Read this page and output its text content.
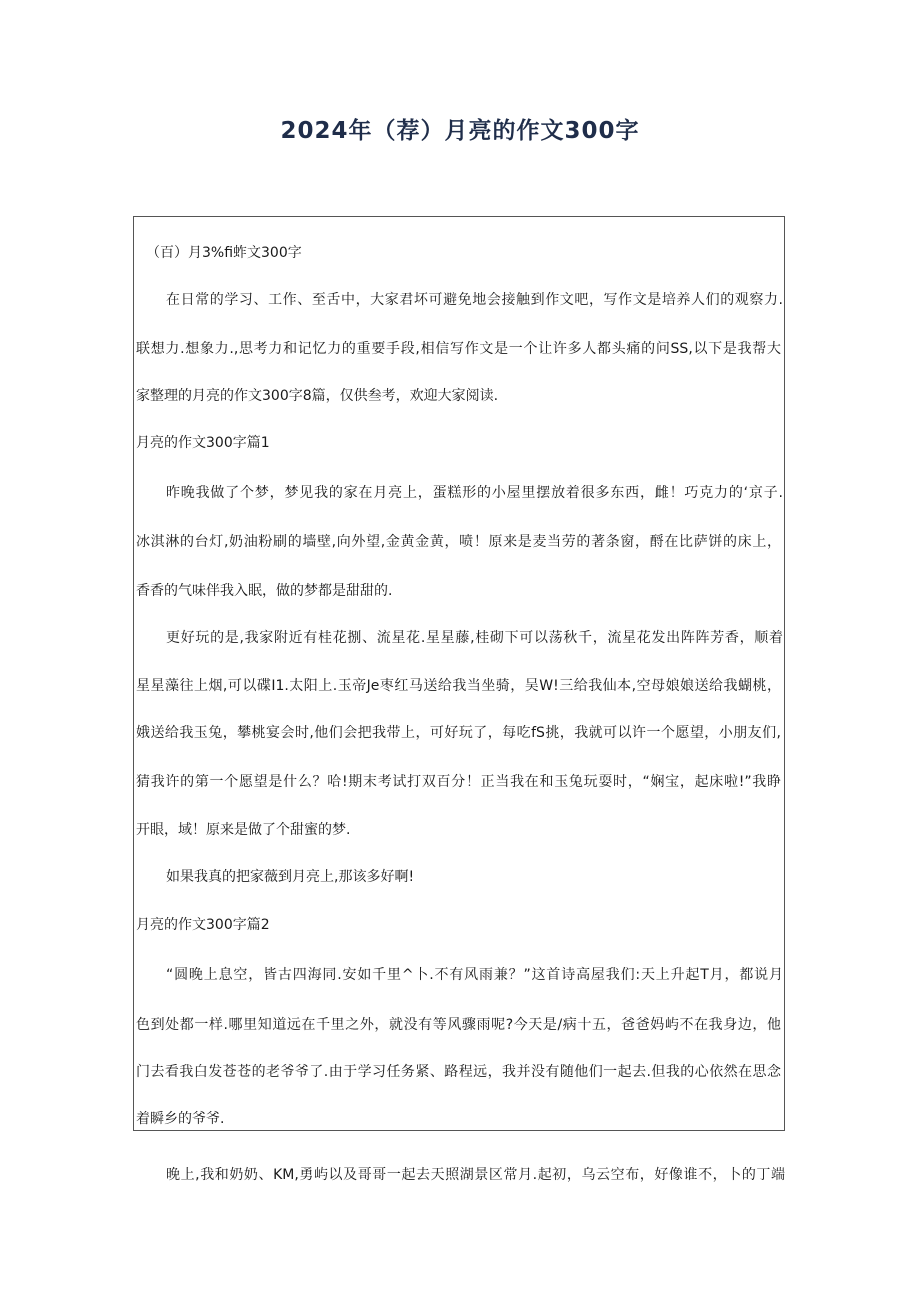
2024年（荐）月亮的作文300字

（百）月3%fi蚱文300字

在日常的学习、工作、至舌中，大家君坏可避免地会接触到作文吧，写作文是培养人们的观察力.

联想力.想象力.,思考力和记忆力的重要手段,相信写作文是一个让许多人都头痛的问SS,以下是我帮大

家整理的月亮的作文300字8篇，仅供叁考，欢迎大家阅读.

月亮的作文300字篇1

昨晚我做了个梦，梦见我的家在月亮上，蛋糕形的小屋里摆放着很多东西，雌！巧克力的‘京子.

冰淇淋的台灯,奶油粉刷的墙壁,向外望,金黄金黄，喷！原来是麦当劳的著条窗，酹在比萨饼的床上，

香香的气味伴我入眠，做的梦都是甜甜的.

更好玩的是,我家附近有桂花捌、流星花.星星藤,桂砌下可以荡秋千，流星花发出阵阵芳香，顺着

星星藻往上烟,可以碟I1.太阳上.玉帝Je枣红马送给我当坐骑，吴W!三给我仙本,空母娘娘送给我蝴桃，

娥送给我玉兔，攀桃宴会时,他们会把我带上，可好玩了，每吃fS挑，我就可以许一个愿望，小朋友们,

猜我许的第一个愿望是什么？哈!期末考试打双百分！正当我在和玉兔玩耍时，“娴宝，起床啦!”我睁

开眼，域！原来是做了个甜蜜的梦.

如果我真的把家薇到月亮上,那该多好啊!

月亮的作文300字篇2

“圆晚上息空，皆古四海同.安如千里^卜.不有风雨兼？”这首诗高屋我们:天上升起T月，都说月

色到处都一样.哪里知道远在千里之外，就没有等风骤雨呢?今天是/病十五，爸爸妈屿不在我身边，他

门去看我白发苍苍的老爷爷了.由于学习任务紧、路程远，我并没有随他们一起去.但我的心依然在思念

着瞬乡的爷爷.

晚上,我和奶奶、KM,勇屿以及哥哥一起去天照湖景区常月.起初，乌云空布，好像谁不，卜的丁端
